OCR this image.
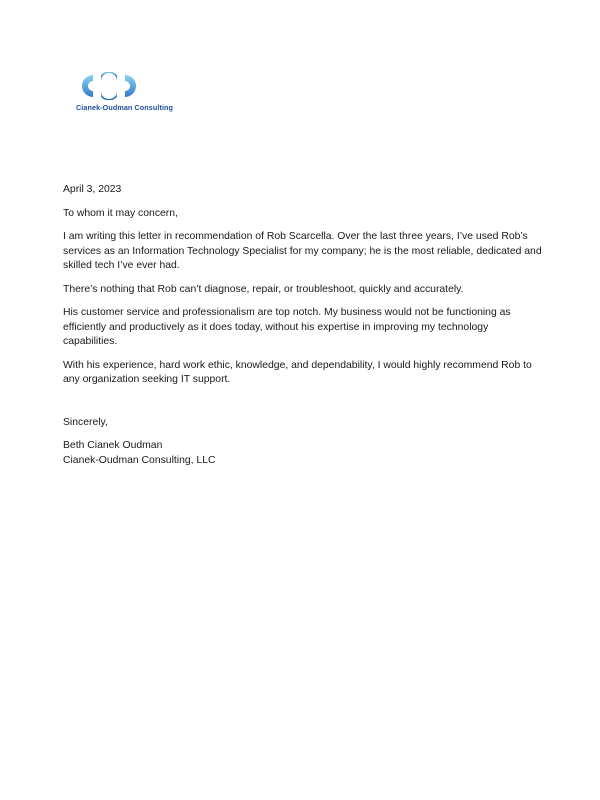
Cianek-Oudman Consulting

April 3, 2023

To whom it may concern,

I am writing this letter in recommendation of Rob Scarcella. Over the last three years, I’ve used Rob’s services as an Information Technology Specialist for my company; he is the most reliable, dedicated and skilled tech I’ve ever had.

There’s nothing that Rob can’t diagnose, repair, or troubleshoot, quickly and accurately.

His customer service and professionalism are top notch. My business would not be functioning as efficiently and productively as it does today, without his expertise in improving my technology capabilities.

With his experience, hard work ethic, knowledge, and dependability, I would highly recommend Rob to any organization seeking IT support.

Sincerely,

Beth Cianek Oudman

Cianek-Oudman Consulting, LLC
